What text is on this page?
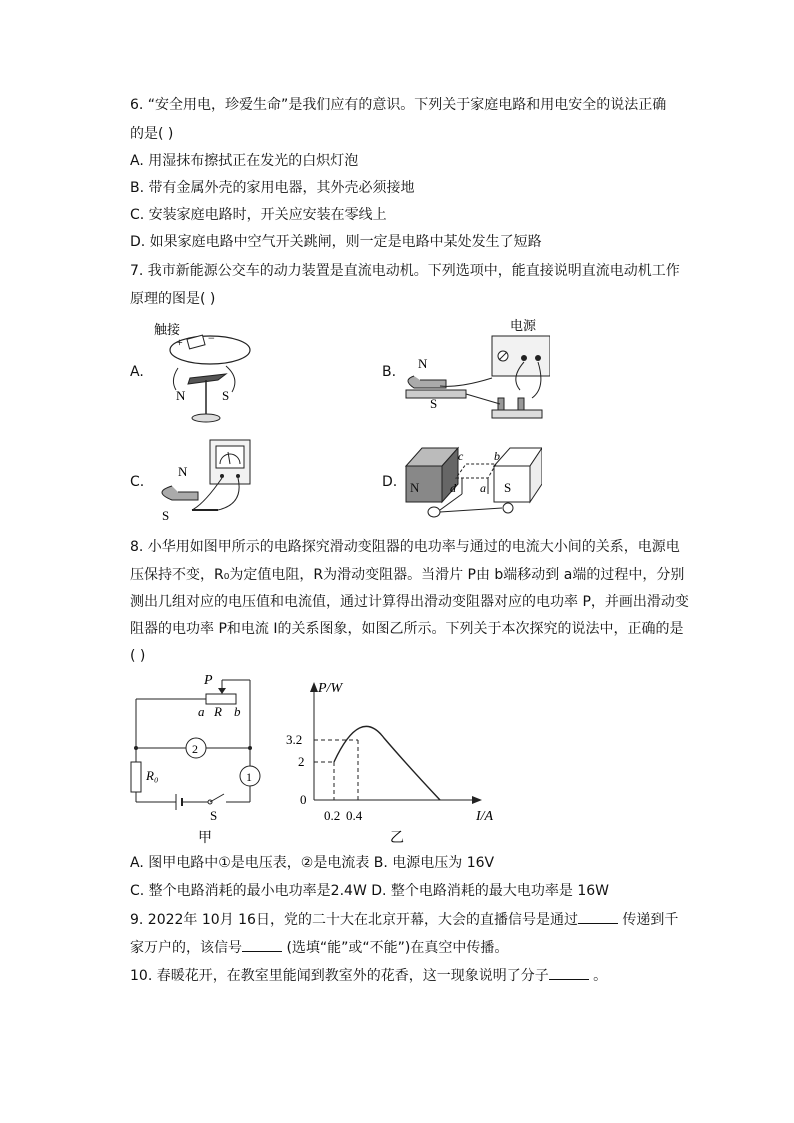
6. “安全用电，珍爱生命”是我们应有的意识。下列关于家庭电路和用电安全的说法正确
的是( )
A. 用湿抹布擦拭正在发光的白炽灯泡
B. 带有金属外壳的家用电器，其外壳必须接地
C. 安装家庭电路时，开关应安装在零线上
D. 如果家庭电路中空气开关跳闸，则一定是电路中某处发生了短路
7. 我市新能源公交车的动力装置是直流电动机。下列选项中，能直接说明直流电动机工作
原理的图是( )
A.	B.
C.	D.
触接
+ −
N	S
电源
N
S
N
S
N	S
c	b
d a
8. 小华用如图甲所示的电路探究滑动变阻器的电功率与通过的电流大小间的关系，电源电
压保持不变，R₀为定值电阻，R为滑动变阻器。当滑片 P由 b端移动到 a端的过程中，分别
测出几组对应的电压值和电流值，通过计算得出滑动变阻器对应的电功率 P，并画出滑动变
阻器的电功率 P和电流 I的关系图象，如图乙所示。下列关于本次探究的说法中，正确的是
( )
P
a R b
2
R₀	1
S
甲
P/W
I/A
3.2
2
0
0.2 0.4
乙
A. 图甲电路中①是电压表，②是电流表 B. 电源电压为 16V
C. 整个电路消耗的最小电功率是2.4W D. 整个电路消耗的最大电功率是 16W
9. 2022年 10月 16日，党的二十大在北京开幕，大会的直播信号是通过	传递到千
家万户的，该信号	(选填“能”或“不能”)在真空中传播。
10. 春暖花开，在教室里能闻到教室外的花香，这一现象说明了分子	。
